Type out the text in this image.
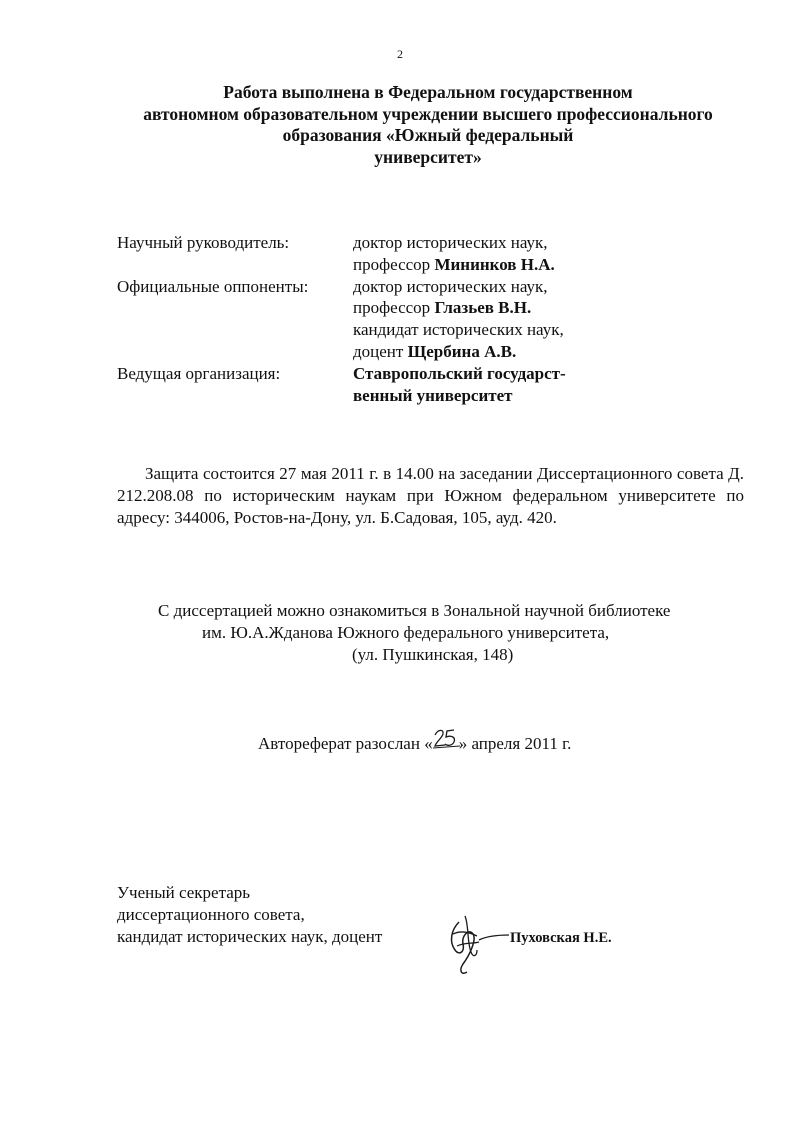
2
Работа выполнена в Федеральном государственном
автономном образовательном учреждении высшего профессионального
образования «Южный федеральный
университет»
Научный руководитель:	доктор исторических наук,
профессор Мининков Н.А.
Официальные оппоненты:	доктор исторических наук,
профессор Глазьев В.Н.
кандидат исторических наук,
доцент Щербина А.В.
Ведущая организация:	Ставропольский государст-
венный университет

Защита состоится 27 мая 2011 г. в 14.00 на заседании Диссертационного совета Д. 212.208.08 по историческим наукам при Южном федеральном университете по адресу: 344006, Ростов-на-Дону, ул. Б.Садовая, 105, ауд. 420.

С диссертацией можно ознакомиться в Зональной научной библиотеке
им. Ю.А.Жданова Южного федерального университета,
(ул. Пушкинская, 148)
Автореферат разослан « » апреля 2011 г.
Ученый секретарь
диссертационного совета,
кандидат исторических наук, доцент	Пуховская Н.Е.
